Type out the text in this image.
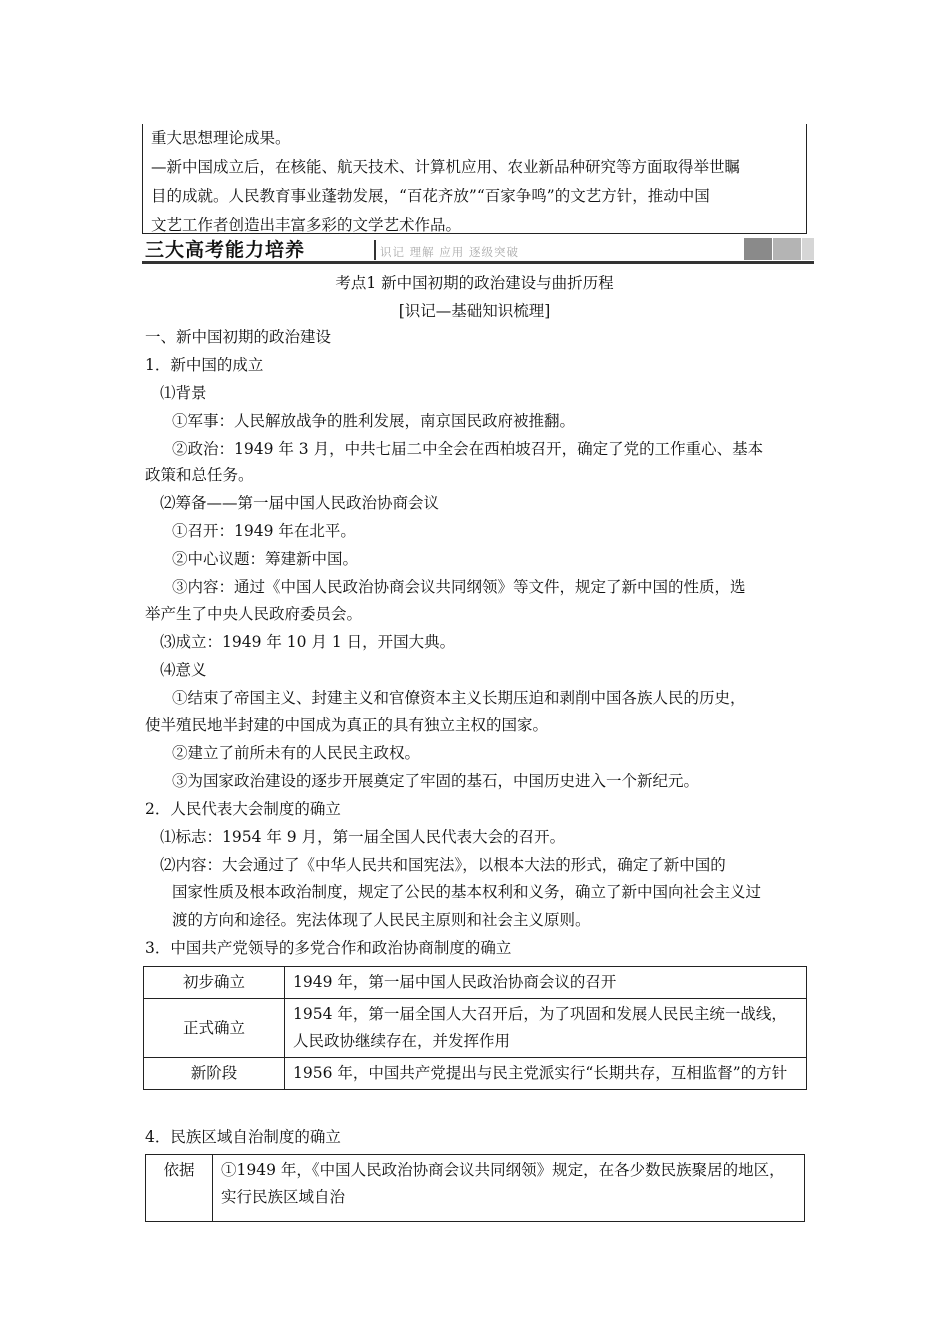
重大思想理论成果。

—新中国成立后，在核能、航天技术、计算机应用、农业新品种研究等方面取得举世瞩

目的成就。人民教育事业蓬勃发展，“百花齐放”“百家争鸣”的文艺方针，推动中国

文艺工作者创造出丰富多彩的文学艺术作品。

三大高考能力培养	识记 理解 应用 逐级突破
考点1 新中国初期的政治建设与曲折历程
[识记—基础知识梳理]
一、新中国初期的政治建设
1．新中国的成立
⑴背景
①军事：人民解放战争的胜利发展，南京国民政府被推翻。
②政治：1949 年 3 月，中共七届二中全会在西柏坡召开，确定了党的工作重心、基本
政策和总任务。
⑵筹备——第一届中国人民政治协商会议
①召开：1949 年在北平。
②中心议题：筹建新中国。
③内容：通过《中国人民政治协商会议共同纲领》等文件，规定了新中国的性质，选
举产生了中央人民政府委员会。
⑶成立：1949 年 10 月 1 日，开国大典。
⑷意义
①结束了帝国主义、封建主义和官僚资本主义长期压迫和剥削中国各族人民的历史，
使半殖民地半封建的中国成为真正的具有独立主权的国家。
②建立了前所未有的人民民主政权。
③为国家政治建设的逐步开展奠定了牢固的基石，中国历史进入一个新纪元。
2．人民代表大会制度的确立
⑴标志：1954 年 9 月，第一届全国人民代表大会的召开。
⑵内容：大会通过了《中华人民共和国宪法》，以根本大法的形式，确定了新中国的
国家性质及根本政治制度，规定了公民的基本权利和义务，确立了新中国向社会主义过
渡的方向和途径。宪法体现了人民民主原则和社会主义原则。
3．中国共产党领导的多党合作和政治协商制度的确立
初步确立	1949 年，第一届中国人民政治协商会议的召开
正式确立	1954 年，第一届全国人大召开后，为了巩固和发展人民民主统一战线，人民政协继续存在，并发挥作用
新阶段	1956 年，中国共产党提出与民主党派实行“长期共存，互相监督”的方针
4．民族区域自治制度的确立
依据	①1949 年，《中国人民政治协商会议共同纲领》规定，在各少数民族聚居的地区，实行民族区域自治
